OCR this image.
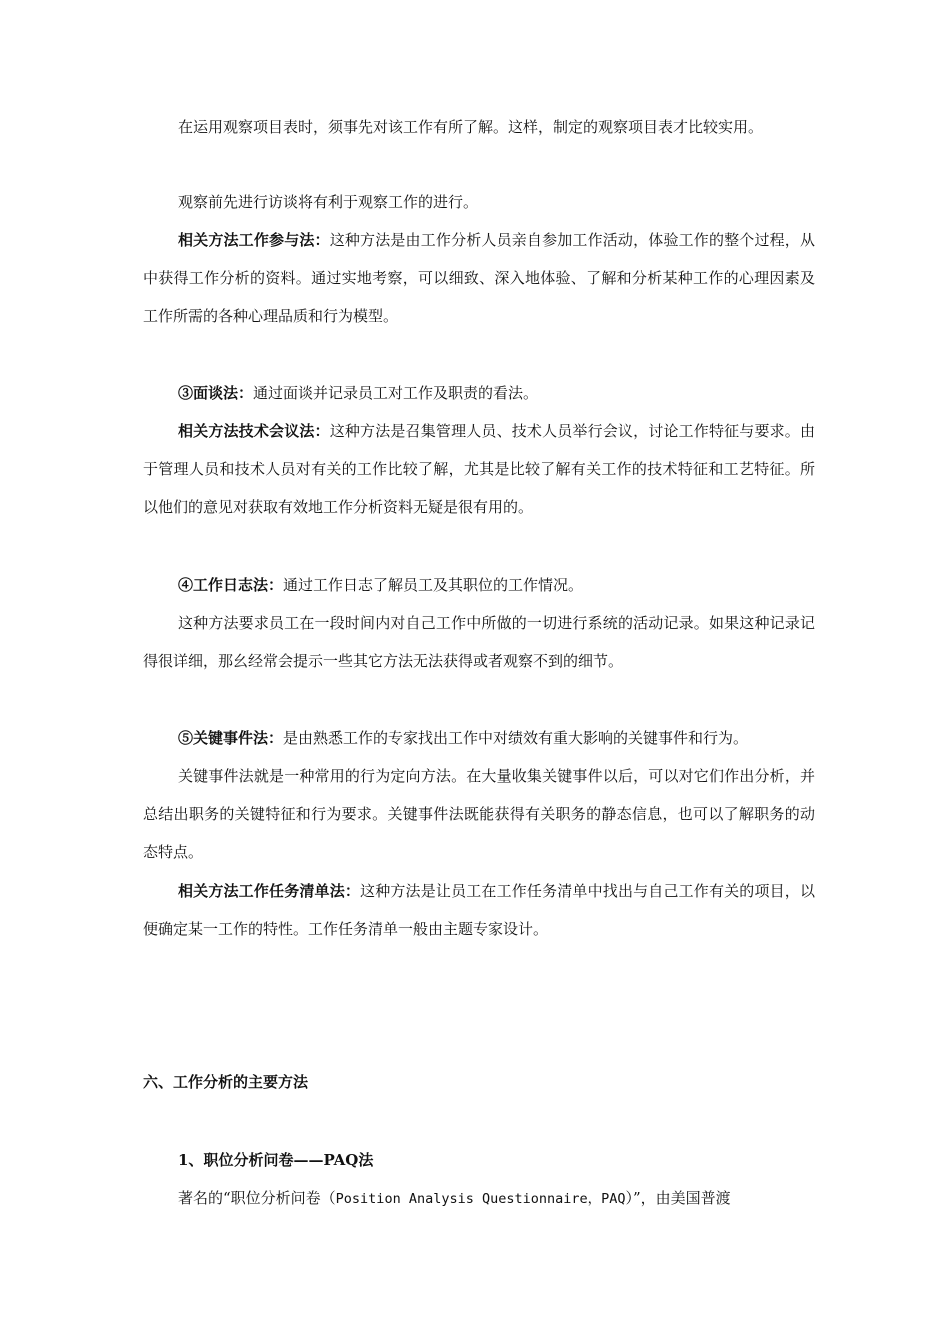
在运用观察项目表时，须事先对该工作有所了解。这样，制定的观察项目表才比较实用。

观察前先进行访谈将有利于观察工作的进行。

相关方法工作参与法：这种方法是由工作分析人员亲自参加工作活动，体验工作的整个过程，从中获得工作分析的资料。通过实地考察，可以细致、深入地体验、了解和分析某种工作的心理因素及工作所需的各种心理品质和行为模型。

③面谈法：通过面谈并记录员工对工作及职责的看法。

相关方法技术会议法：这种方法是召集管理人员、技术人员举行会议，讨论工作特征与要求。由于管理人员和技术人员对有关的工作比较了解，尤其是比较了解有关工作的技术特征和工艺特征。所以他们的意见对获取有效地工作分析资料无疑是很有用的。

④工作日志法：通过工作日志了解员工及其职位的工作情况。

这种方法要求员工在一段时间内对自己工作中所做的一切进行系统的活动记录。如果这种记录记得很详细，那幺经常会提示一些其它方法无法获得或者观察不到的细节。

⑤关键事件法：是由熟悉工作的专家找出工作中对绩效有重大影响的关键事件和行为。

关键事件法就是一种常用的行为定向方法。在大量收集关键事件以后，可以对它们作出分析，并总结出职务的关键特征和行为要求。关键事件法既能获得有关职务的静态信息，也可以了解职务的动态特点。

相关方法工作任务清单法：这种方法是让员工在工作任务清单中找出与自己工作有关的项目，以便确定某一工作的特性。工作任务清单一般由主题专家设计。

六、工作分析的主要方法
1、职位分析问卷——PAQ法

著名的“职位分析问卷（Position Analysis Questionnaire，PAQ）”，由美国普渡
